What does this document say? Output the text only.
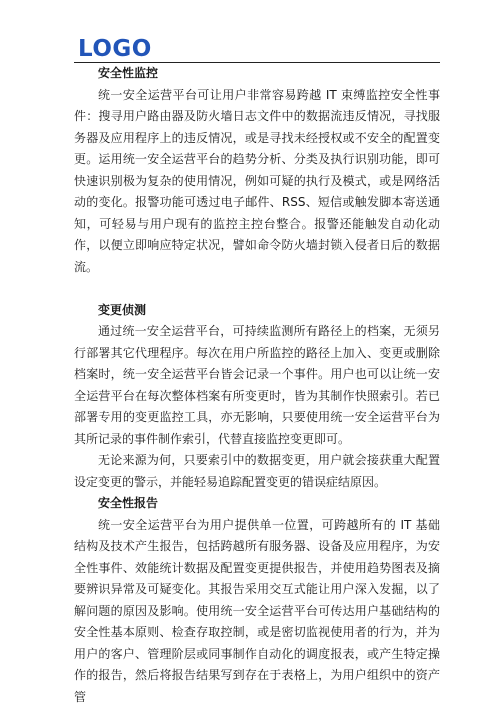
LOGO
安全性监控

统一安全运营平台可让用户非常容易跨越 IT 束缚监控安全性事件：搜寻用户路由器及防火墙日志文件中的数据流违反情况，寻找服务器及应用程序上的违反情况，或是寻找未经授权或不安全的配置变更。运用统一安全运营平台的趋势分析、分类及执行识别功能，即可快速识别极为复杂的使用情况，例如可疑的执行及模式，或是网络活动的变化。报警功能可透过电子邮件、RSS、短信或触发脚本寄送通知，可轻易与用户现有的监控主控台整合。报警还能触发自动化动作，以便立即响应特定状况，譬如命令防火墙封锁入侵者日后的数据流。

变更侦测

通过统一安全运营平台，可持续监测所有路径上的档案，无须另行部署其它代理程序。每次在用户所监控的路径上加入、变更或删除档案时，统一安全运营平台皆会记录一个事件。用户也可以让统一安全运营平台在每次整体档案有所变更时，皆为其制作快照索引。若已部署专用的变更监控工具，亦无影响，只要使用统一安全运营平台为其所记录的事件制作索引，代替直接监控变更即可。

无论来源为何，只要索引中的数据变更，用户就会接获重大配置设定变更的警示，并能轻易追踪配置变更的错误症结原因。

安全性报告

统一安全运营平台为用户提供单一位置，可跨越所有的 IT 基础结构及技术产生报告，包括跨越所有服务器、设备及应用程序，为安全性事件、效能统计数据及配置变更提供报告，并使用趋势图表及摘要辨识异常及可疑变化。其报告采用交互式能让用户深入发掘，以了解问题的原因及影响。使用统一安全运营平台可传达用户基础结构的安全性基本原则、检查存取控制，或是密切监视使用者的行为，并为用户的客户、管理阶层或同事制作自动化的调度报表，或产生特定操作的报告，然后将报告结果写到存在于表格上，为用户组织中的资产管
